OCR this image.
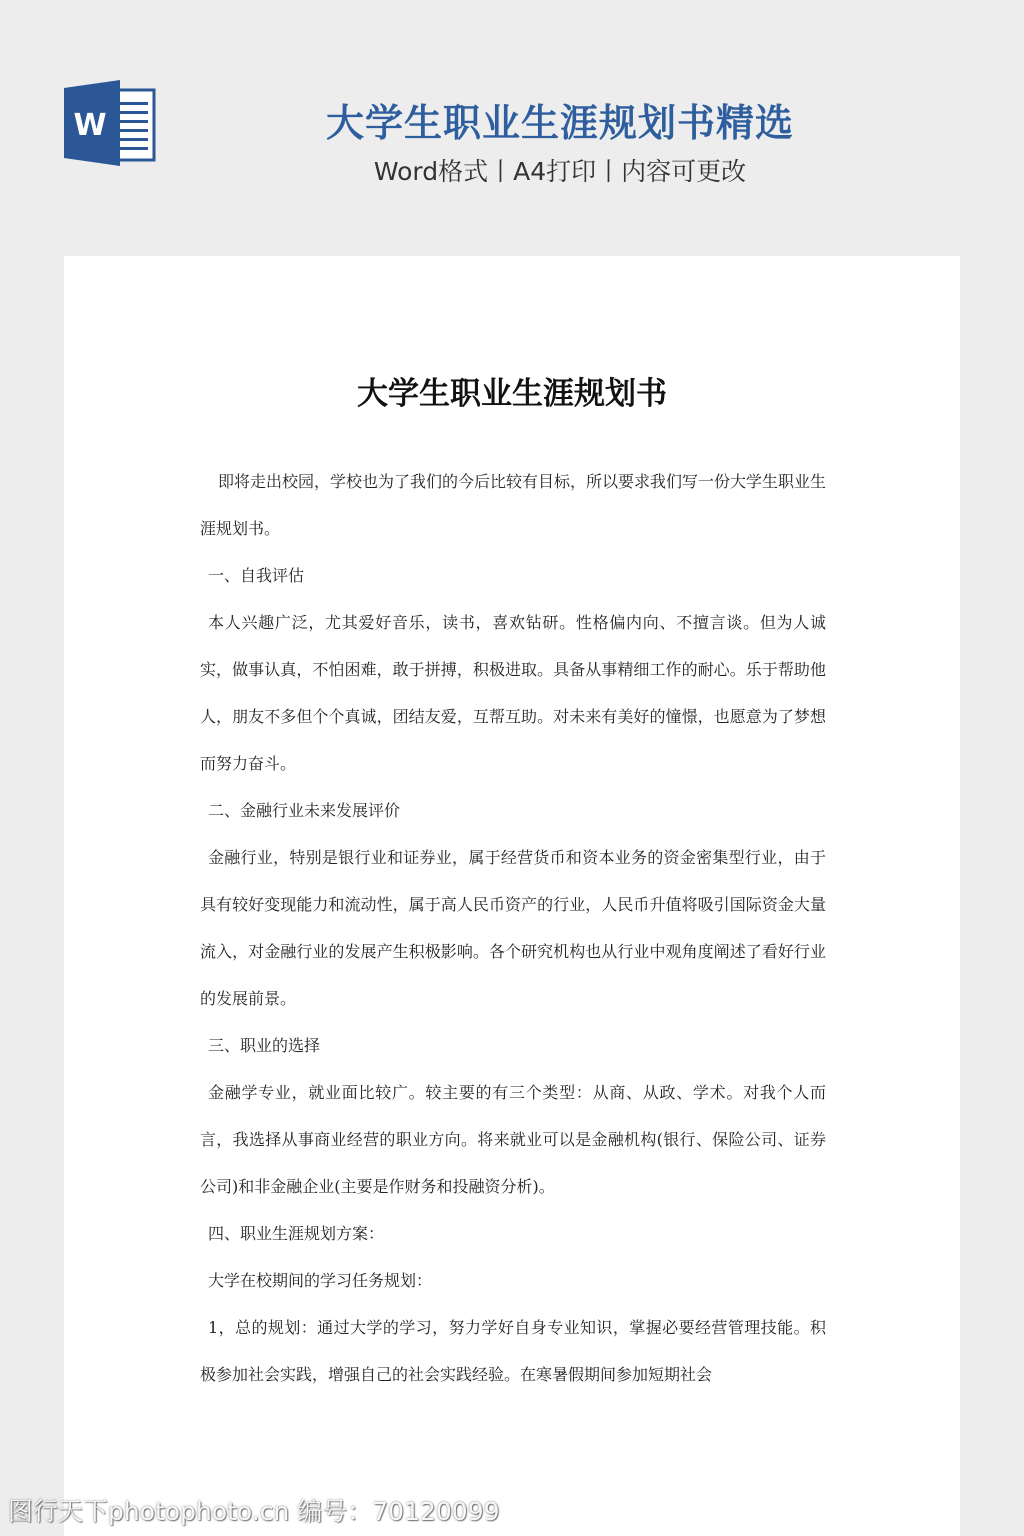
W	大学生职业生涯规划书精选
Word格式丨A4打印丨内容可更改
大学生职业生涯规划书

即将走出校园，学校也为了我们的今后比较有目标，所以要求我们写一份大学生职业生涯规划书。

一、自我评估

本人兴趣广泛，尤其爱好音乐，读书，喜欢钻研。性格偏内向、不擅言谈。但为人诚实，做事认真，不怕困难，敢于拼搏，积极进取。具备从事精细工作的耐心。乐于帮助他人，朋友不多但个个真诚，团结友爱，互帮互助。对未来有美好的憧憬，也愿意为了梦想而努力奋斗。

二、金融行业未来发展评价

金融行业，特别是银行业和证券业，属于经营货币和资本业务的资金密集型行业，由于具有较好变现能力和流动性，属于高人民币资产的行业，人民币升值将吸引国际资金大量流入，对金融行业的发展产生积极影响。各个研究机构也从行业中观角度阐述了看好行业的发展前景。

三、职业的选择

金融学专业，就业面比较广。较主要的有三个类型：从商、从政、学术。对我个人而言，我选择从事商业经营的职业方向。将来就业可以是金融机构(银行、保险公司、证券公司)和非金融企业(主要是作财务和投融资分析)。

四、职业生涯规划方案：

大学在校期间的学习任务规划：

1，总的规划：通过大学的学习，努力学好自身专业知识，掌握必要经营管理技能。积极参加社会实践，增强自己的社会实践经验。在寒暑假期间参加短期社会

图行天下photophoto.cn 编号：70120099
